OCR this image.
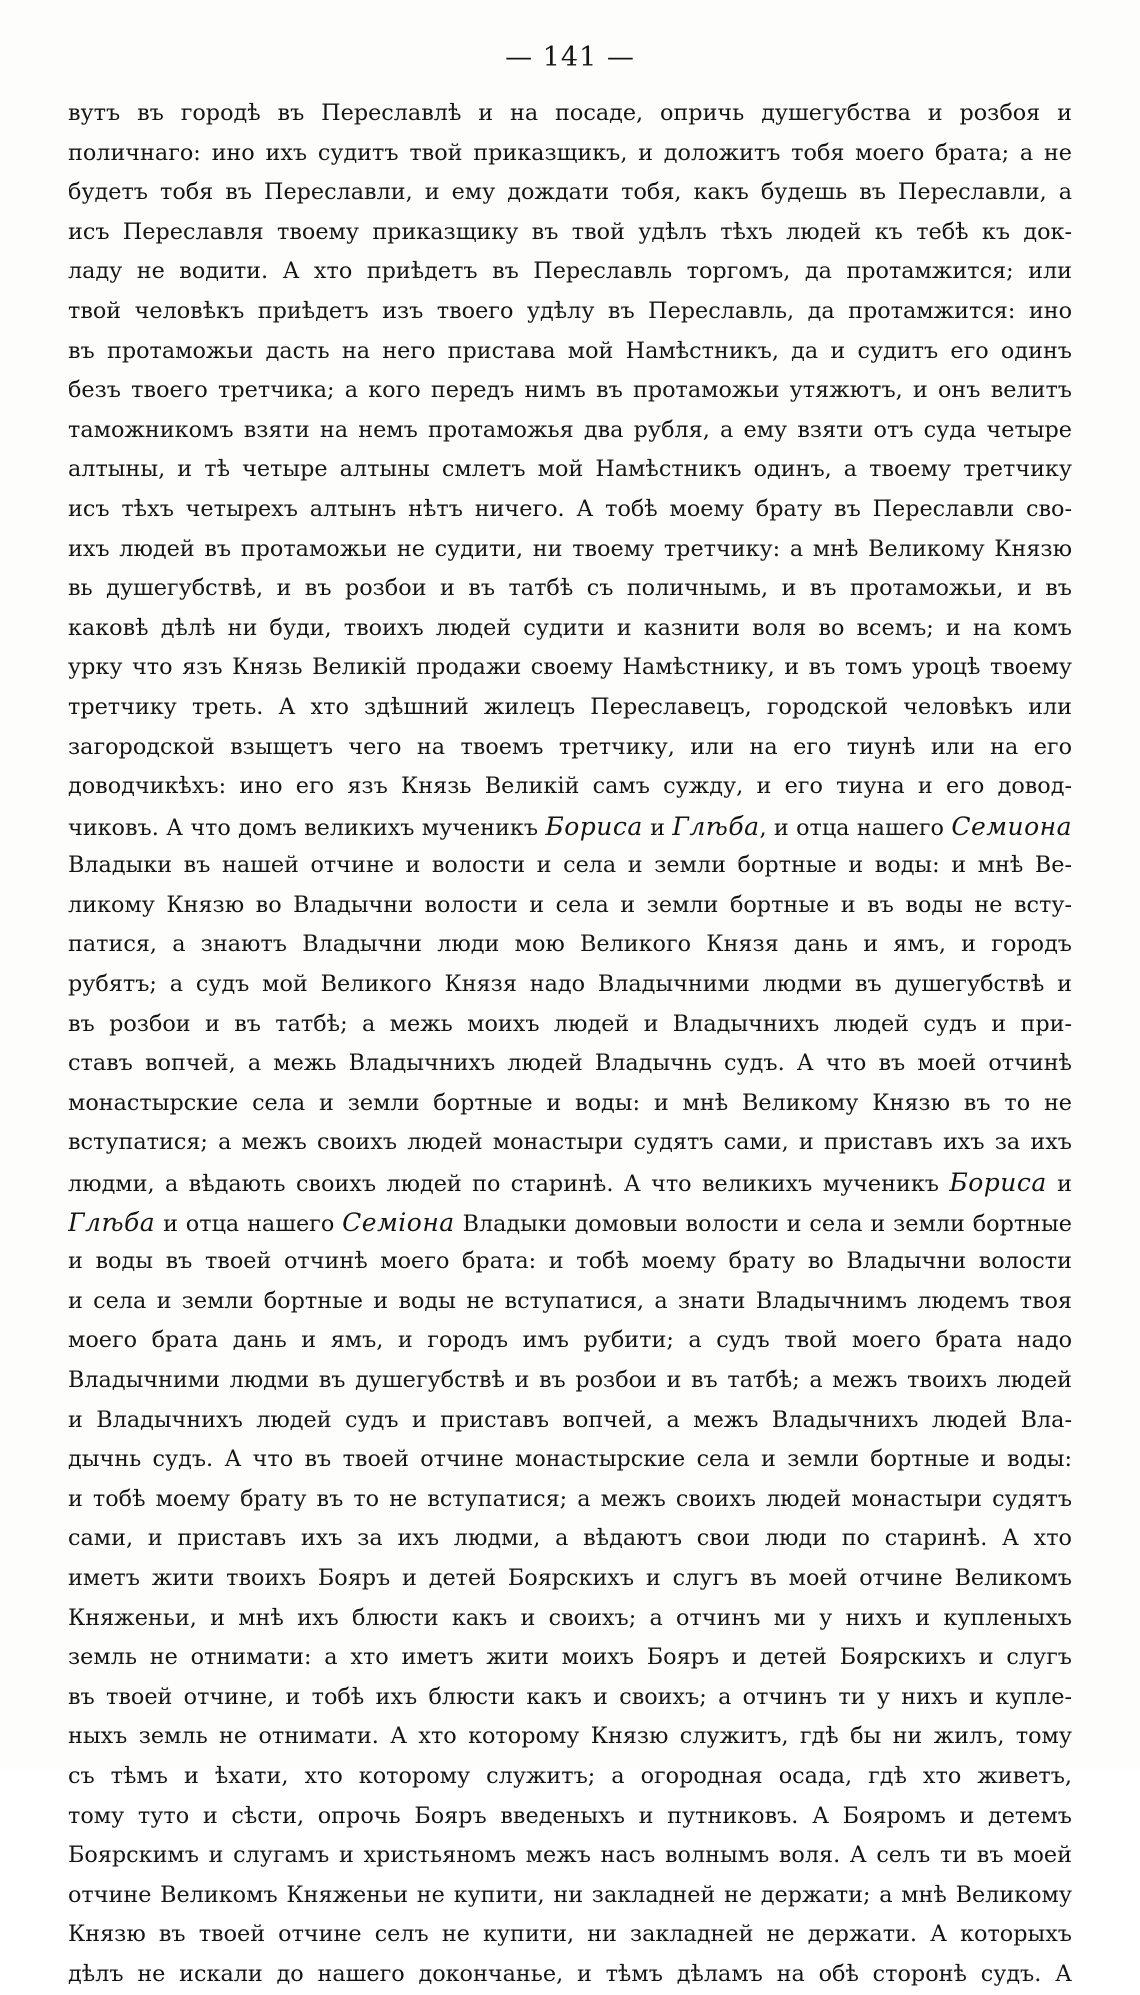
— 141 —
вутъ въ городѣ въ Переславлѣ и на посаде, опричь душегубства и розбоя и
поличнаго: ино ихъ судитъ твой приказщикъ, и доложитъ тобя моего брата; а не
будетъ тобя въ Переславли, и ему дождати тобя, какъ будешь въ Переславли, а
исъ Переславля твоему приказщику въ твой удѣлъ тѣхъ людей къ тебѣ къ док-
ладу не водити. А хто приѣдетъ въ Переславль торгомъ, да протамжится; или
твой человѣкъ приѣдетъ изъ твоего удѣлу въ Переславль, да протамжится: ино
въ протаможьи дасть на него пристава мой Намѣстникъ, да и судитъ его одинъ
безъ твоего третчика; а кого передъ нимъ въ протаможьи утяжютъ, и онъ велитъ
таможникомъ взяти на немъ протаможья два рубля, а ему взяти отъ суда четыре
алтыны, и тѣ четыре алтыны смлетъ мой Намѣстникъ одинъ, а твоему третчику
исъ тѣхъ четырехъ алтынъ нѣтъ ничего. А тобѣ моему брату въ Переславли сво-
ихъ людей въ протаможьи не судити, ни твоему третчику: а мнѣ Великому Князю
вь душегубствѣ, и въ розбои и въ татбѣ съ поличнымь, и въ протаможьи, и въ
каковѣ дѣлѣ ни буди, твоихъ людей судити и казнити воля во всемъ; и на комъ
урку что язъ Князь Великій продажи своему Намѣстнику, и въ томъ уроцѣ твоему
третчику треть. А хто здѣшний жилецъ Переславецъ, городской человѣкъ или
загородской взыщетъ чего на твоемъ третчику, или на его тиунѣ или на его
доводчикѣхъ: ино его язъ Князь Великій самъ сужду, и его тиуна и его довод-
чиковъ. А что домъ великихъ мученикъ Бориса и Глѣба, и отца нашего Семиона
Владыки въ нашей отчине и волости и села и земли бортные и воды: и мнѣ Ве-
ликому Князю во Владычни волости и села и земли бортные и въ воды не всту-
патися, а знаютъ Владычни люди мою Великого Князя дань и ямъ, и городъ
рубятъ; а судъ мой Великого Князя надо Владычними людми въ душегубствѣ и
въ розбои и въ татбѣ; а межь моихъ людей и Владычнихъ людей судъ и при-
ставъ вопчей, а межь Владычнихъ людей Владычнь судъ. А что въ моей отчинѣ
монастырские села и земли бортные и воды: и мнѣ Великому Князю въ то не
вступатися; а межъ своихъ людей монастыри судятъ сами, и приставъ ихъ за ихъ
людми, а вѣдають своихъ людей по старинѣ. А что великихъ мученикъ Бориса и
Глѣба и отца нашего Семіона Владыки домовыи волости и села и земли бортные
и воды въ твоей отчинѣ моего брата: и тобѣ моему брату во Владычни волости
и села и земли бортные и воды не вступатися, а знати Владычнимъ людемъ твоя
моего брата дань и ямъ, и городъ имъ рубити; а судъ твой моего брата надо
Владычними людми въ душегубствѣ и въ розбои и въ татбѣ; а межъ твоихъ людей
и Владычнихъ людей судъ и приставъ вопчей, а межъ Владычнихъ людей Вла-
дычнь судъ. А что въ твоей отчине монастырские села и земли бортные и воды:
и тобѣ моему брату въ то не вступатися; а межъ своихъ людей монастыри судятъ
сами, и приставъ ихъ за ихъ людми, а вѣдаютъ свои люди по старинѣ. А хто
иметъ жити твоихъ Бояръ и детей Боярскихъ и слугъ въ моей отчине Великомъ
Княженьи, и мнѣ ихъ блюсти какъ и своихъ; а отчинъ ми у нихъ и купленыхъ
земль не отнимати: а хто иметъ жити моихъ Бояръ и детей Боярскихъ и слугъ
въ твоей отчине, и тобѣ ихъ блюсти какъ и своихъ; а отчинъ ти у нихъ и купле-
ныхъ земль не отнимати. А хто которому Князю служитъ, гдѣ бы ни жилъ, тому
съ тѣмъ и ѣхати, хто которому служитъ; а огородная осада, гдѣ хто живетъ,
тому туто и сѣсти, опрочь Бояръ введеныхъ и путниковъ. А Бояромъ и детемъ
Боярскимъ и слугамъ и христьяномъ межъ насъ волнымъ воля. А селъ ти въ моей
отчине Великомъ Княженьи не купити, ни закладней не держати; а мнѣ Великому
Князю въ твоей отчине селъ не купити, ни закладней не держати. А которыхъ
дѣлъ не искали до нашего докончанье, и тѣмъ дѣламъ на обѣ сторонѣ судъ. А
